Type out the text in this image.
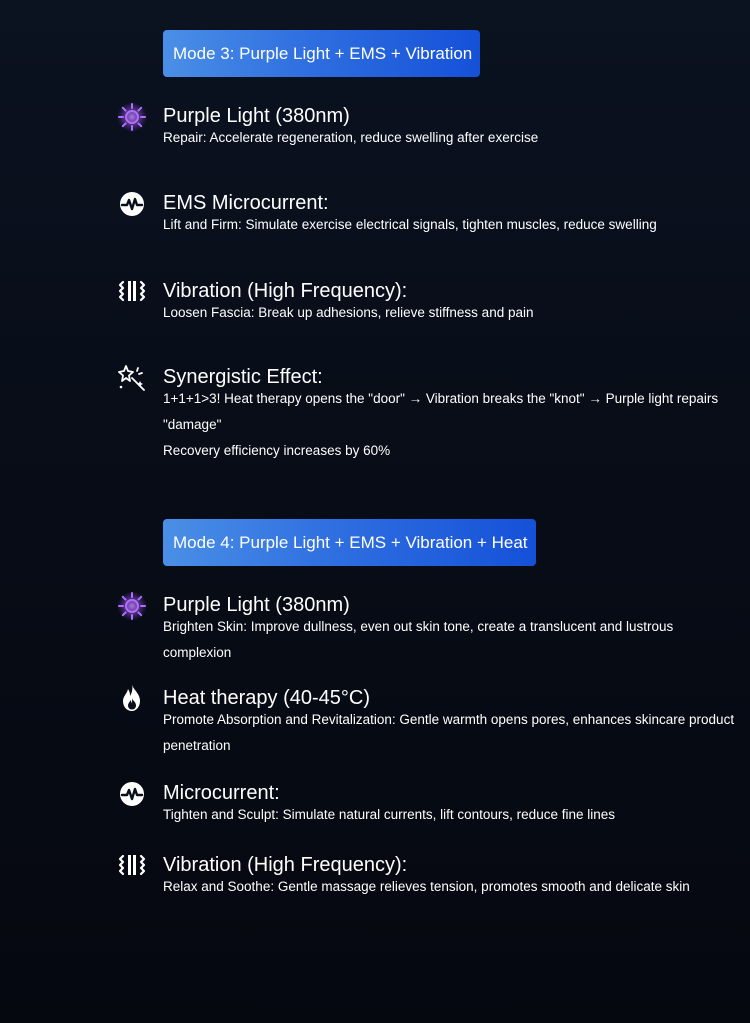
Mode 3: Purple Light + EMS + Vibration
Purple Light (380nm)

Repair: Accelerate regeneration, reduce swelling after exercise

EMS Microcurrent:

Lift and Firm: Simulate exercise electrical signals, tighten muscles, reduce swelling

Vibration (High Frequency):

Loosen Fascia: Break up adhesions, relieve stiffness and pain

Synergistic Effect:

1+1+1>3! Heat therapy opens the "door" → Vibration breaks the "knot" → Purple light repairs "damage"

Recovery efficiency increases by 60%

Mode 4: Purple Light + EMS + Vibration + Heat
Purple Light (380nm)

Brighten Skin: Improve dullness, even out skin tone, create a translucent and lustrous complexion

Heat therapy (40-45°C)

Promote Absorption and Revitalization: Gentle warmth opens pores, enhances skincare product penetration

Microcurrent:

Tighten and Sculpt: Simulate natural currents, lift contours, reduce fine lines

Vibration (High Frequency):

Relax and Soothe: Gentle massage relieves tension, promotes smooth and delicate skin
